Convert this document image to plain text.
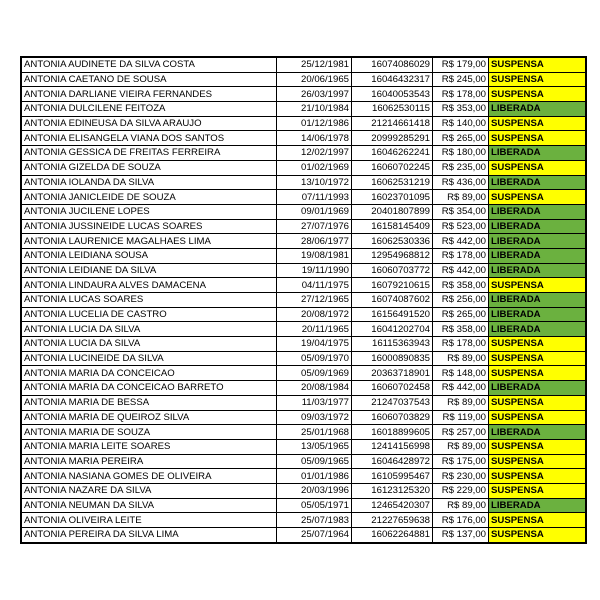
ANTONIA AUDINETE DA SILVA COSTA	25/12/1981	16074086029	R$ 179,00	SUSPENSA
ANTONIA CAETANO DE SOUSA	20/06/1965	16046432317	R$ 245,00	SUSPENSA
ANTONIA DARLIANE VIEIRA FERNANDES	26/03/1997	16040053543	R$ 178,00	SUSPENSA
ANTONIA DULCILENE FEITOZA	21/10/1984	16062530115	R$ 353,00	LIBERADA
ANTONIA EDINEUSA DA SILVA ARAUJO	01/12/1986	21214661418	R$ 140,00	SUSPENSA
ANTONIA ELISANGELA VIANA DOS SANTOS	14/06/1978	20999285291	R$ 265,00	SUSPENSA
ANTONIA GESSICA DE FREITAS FERREIRA	12/02/1997	16046262241	R$ 180,00	LIBERADA
ANTONIA GIZELDA DE SOUZA	01/02/1969	16060702245	R$ 235,00	SUSPENSA
ANTONIA IOLANDA DA SILVA	13/10/1972	16062531219	R$ 436,00	LIBERADA
ANTONIA JANICLEIDE DE SOUZA	07/11/1993	16023701095	R$ 89,00	SUSPENSA
ANTONIA JUCILENE LOPES	09/01/1969	20401807899	R$ 354,00	LIBERADA
ANTONIA JUSSINEIDE LUCAS SOARES	27/07/1976	16158145409	R$ 523,00	LIBERADA
ANTONIA LAURENICE MAGALHAES LIMA	28/06/1977	16062530336	R$ 442,00	LIBERADA
ANTONIA LEIDIANA SOUSA	19/08/1981	12954968812	R$ 178,00	LIBERADA
ANTONIA LEIDIANE DA SILVA	19/11/1990	16060703772	R$ 442,00	LIBERADA
ANTONIA LINDAURA ALVES DAMACENA	04/11/1975	16079210615	R$ 358,00	SUSPENSA
ANTONIA LUCAS SOARES	27/12/1965	16074087602	R$ 256,00	LIBERADA
ANTONIA LUCELIA DE CASTRO	20/08/1972	16156491520	R$ 265,00	LIBERADA
ANTONIA LUCIA DA SILVA	20/11/1965	16041202704	R$ 358,00	LIBERADA
ANTONIA LUCIA DA SILVA	19/04/1975	16115363943	R$ 178,00	SUSPENSA
ANTONIA LUCINEIDE DA SILVA	05/09/1970	16000890835	R$ 89,00	SUSPENSA
ANTONIA MARIA DA CONCEICAO	05/09/1969	20363718901	R$ 148,00	SUSPENSA
ANTONIA MARIA DA CONCEICAO BARRETO	20/08/1984	16060702458	R$ 442,00	LIBERADA
ANTONIA MARIA DE BESSA	11/03/1977	21247037543	R$ 89,00	SUSPENSA
ANTONIA MARIA DE QUEIROZ SILVA	09/03/1972	16060703829	R$ 119,00	SUSPENSA
ANTONIA MARIA DE SOUZA	25/01/1968	16018899605	R$ 257,00	LIBERADA
ANTONIA MARIA LEITE SOARES	13/05/1965	12414156998	R$ 89,00	SUSPENSA
ANTONIA MARIA PEREIRA	05/09/1965	16046428972	R$ 175,00	SUSPENSA
ANTONIA NASIANA GOMES DE OLIVEIRA	01/01/1986	16105995467	R$ 230,00	SUSPENSA
ANTONIA NAZARE DA SILVA	20/03/1996	16123125320	R$ 229,00	SUSPENSA
ANTONIA NEUMAN DA SILVA	05/05/1971	12465420307	R$ 89,00	LIBERADA
ANTONIA OLIVEIRA LEITE	25/07/1983	21227659638	R$ 176,00	SUSPENSA
ANTONIA PEREIRA DA SILVA LIMA	25/07/1964	16062264881	R$ 137,00	SUSPENSA
